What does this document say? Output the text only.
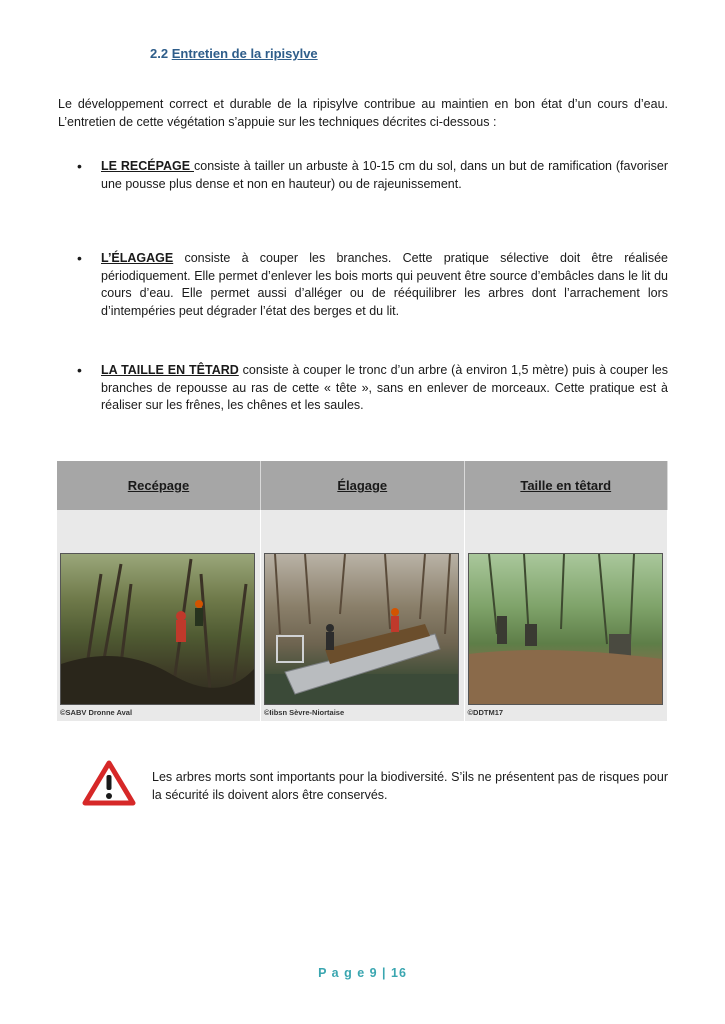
2.2 Entretien de la ripisylve
Le développement correct et durable de la ripisylve contribue au maintien en bon état d’un cours d’eau. L’entretien de cette végétation s’appuie sur les techniques décrites ci-dessous :
• LE RECÉPAGE consiste à tailler un arbuste à 10-15 cm du sol, dans un but de ramification (favoriser une pousse plus dense et non en hauteur) ou de rajeunissement.
• L’ÉLAGAGE consiste à couper les branches. Cette pratique sélective doit être réalisée périodiquement. Elle permet d’enlever les bois morts qui peuvent être source d’embâcles dans le lit du cours d’eau. Elle permet aussi d’alléger ou de rééquilibrer les arbres dont l’arrachement lors d’intempéries peut dégrader l’état des berges et du lit.
• LA TAILLE EN TÊTARD consiste à couper le tronc d’un arbre (à environ 1,5 mètre) puis à couper les branches de repousse au ras de cette « tête », sans en enlever de morceaux. Cette pratique est à réaliser sur les frênes, les chênes et les saules.
Recépage	Élagage	Taille en têtard

©SABV Dronne Aval	©Iibsn Sèvre-Niortaise	©DDTM17
Les arbres morts sont importants pour la biodiversité. S’ils ne présentent pas de risques pour la sécurité ils doivent alors être conservés.
P a g e 9 | 16
